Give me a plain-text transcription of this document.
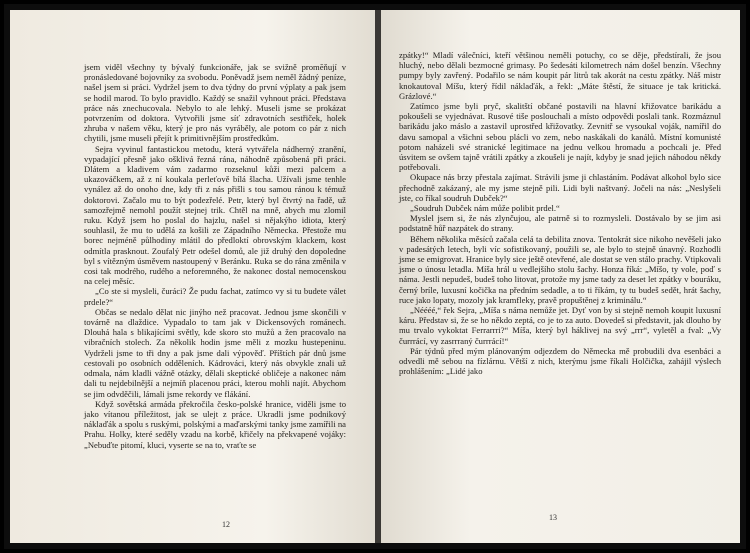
jsem viděl všechny ty bývalý funkcionáře, jak se svižně promĕňují v pronásledované bojovníky za svobodu. Poněvadž jsem neměl žádný peníze, našel jsem si práci. Vydržel jsem to dva týdny do první výplaty a pak jsem se hodil marod. To bylo pravidlo. Každý se snažil vyhnout práci. Představa práce nás znechucovala. Nebylo to ale lehký. Museli jsme se prokázat potvrzením od doktora. Vytvořili jsme síť zdravotních sestřiček, holek zhruba v našem věku, který je pro nás vyráběly, ale potom co pár z nich chytili, jsme museli přejít k primitivnějším prostředkům.

Sejra vyvinul fantastickou metodu, která vytvářela nádherný zranění, vypadající přesně jako ošklivá řezná rána, náhodně způsobená při práci. Dlátem a kladivem vám zadarmo rozseknul kůži mezi palcem a ukazováčkem, až z ní koukala perleťově bílá šlacha. Užívali jsme tenhle vynález až do onoho dne, kdy tři z nás přišli s tou samou ránou k témuž doktorovi. Začalo mu to být podezřelé. Petr, který byl čtvrtý na řadě, už samozřejmě nemohl použít stejnej trik. Chtěl na mně, abych mu zlomil ruku. Když jsem ho poslal do hajzlu, našel si nějakýho idiota, který souhlasil, že mu to udělá za košili ze Západního Německa. Přestože mu borec nejméně půlhodiny mlátil do předloktí obrovským klackem, kost odmítla prasknout. Zoufalý Petr odešel domů, ale již druhý den dopoledne byl s vítězným úsměvem nastoupený v Beránku. Ruka se do rána změnila v cosi tak modrého, rudého a neforemného, že nakonec dostal nemocenskou na celej měsíc.

„Co ste si mysleli, čuráci? Že pudu fachat, zatímco vy si tu budete válet prdele?“

Občas se nedalo dělat nic jinýho než pracovat. Jednou jsme skončili v továrně na dlaždice. Vypadalo to tam jak v Dickensových románech. Dlouhá hala s blikajícími světly, kde skoro sto mužů a žen pracovalo na vibračních stolech. Za několik hodin jsme měli z mozku hustepeninu. Vydrželi jsme to tři dny a pak jsme dali výpověď. Příštích pár dnů jsme cestovali po osobních odděleních. Kádrováci, který nás obvykle znali už odmala, nám kladli vážně otázky, dělali skeptické obličeje a nakonec nám dali tu nejdebilnější a nejmíň placenou práci, kterou mohli najít. Abychom se jim odvděčili, lámali jsme rekordy ve flákání.

Když sovětská armáda překročila česko-polské hranice, viděli jsme to jako vítanou příležitost, jak se ulejt z práce. Ukradli jsme podnikový náklaďák a spolu s ruskými, polskými a maďarskými tanky jsme zamířili na Prahu. Holky, které seděly vzadu na korbě, křičely na překvapené vojáky: „Nebuďte pitomí, kluci, vyserte se na to, vraťte se

12

zpátky!“ Mladí válečníci, kteří většinou neměli potuchy, co se děje, předstírali, že jsou hluchý, nebo dělali bezmocné grimasy. Po šedesáti kilometrech nám došel benzín. Všechny pumpy byly zavřený. Podařilo se nám koupit pár litrů tak akorát na cestu zpátky. Náš mistr knokautoval Míšu, který řídil náklaďák, a řekl: „Máte štěstí, že situace je tak kritická. Grázlové.“

Zatímco jsme byli pryč, skalitští občané postavili na hlavní křižovatce barikádu a pokoušeli se vyjednávat. Rusové tiše poslouchali a místo odpovědi poslali tank. Rozmáznul barikádu jako máslo a zastavil uprostřed křižovatky. Zevnitř se vysoukal voják, namířil do davu samopal a všichni sebou plácli vo zem, nebo naskákali do kanálů. Místní komunisté potom naházeli své stranické legitimace na jednu velkou hromadu a pochcali je. Před úsvitem se ovšem tajně vrátili zpátky a zkoušeli je najít, kdyby je snad jejich náhodou někdy potřebovali.

Okupace nás brzy přestala zajímat. Strávili jsme ji chlastáním. Podávat alkohol bylo sice přechodně zakázaný, ale my jsme stejně pili. Lidi byli naštvaný. Jočeli na nás: „Neslyšeli jste, co říkal soudruh Dubček?“

„Soudruh Dubček nám může polibit prdel.“

Myslel jsem si, že nás zlynčujou, ale patrně si to rozmysleli. Dostávalo by se jim asi podstatně hůř nazpátek do strany.

Během několika měsíců začala celá ta debilita znova. Tentokrát sice nikoho nevěšeli jako v padesátých letech, byli víc sofistikovaný, použili se, ale bylo to stejně únavný. Rozhodli jsme se emigrovat. Hranice byly sice ještě otevřené, ale dostat se ven stálo prachy. Vtipkovali jsme o únosu letadla. Míša hrál u vedlejšího stolu šachy. Honza říká: „Míšo, ty vole, poď s náma. Jestli nepudeš, budeš toho litovat, protože my jsme tady za deset let zpátky v bouráku, černý bríle, luxusní kočička na předním sedadle, a to ti říkám, ty tu budeš sedět, hrát šachy, ruce jako lopaty, mozoly jak kramfleky, pravě propuštěnej z kriminálu.“

„Néééé,“ řek Sejra, „Míša s náma nemůže jet. Dyť von by si stejně nemoh koupit luxusní káru. Představ si, že se ho někdo zeptá, co je to za auto. Dovedeš si představit, jak dlouho by mu trvalo vykoktat Ferrarrri?“ Míša, který byl hákliveј na svý „rrr“, vyletěl a fval: „Vy čurrrácí, vy zasrrraný čurrrácí!“

Pár týdnů před mým plánovaným odjezdem do Německa mě probudili dva esenbáci a odvedli mě sebou na fízlárnu. Větší z nich, kterýmu jsme říkali Holčička, zahájil výslech prohlášením: „Lidé jako

13
